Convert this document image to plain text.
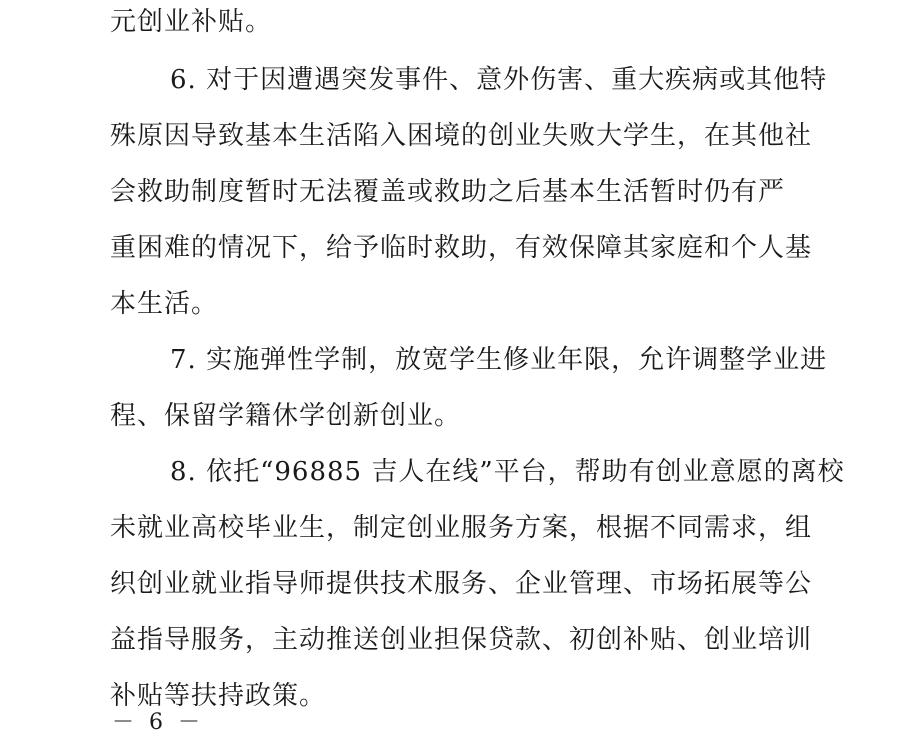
元创业补贴。
6. 对于因遭遇突发事件、意外伤害、重大疾病或其他特
殊原因导致基本生活陷入困境的创业失败大学生，在其他社
会救助制度暂时无法覆盖或救助之后基本生活暂时仍有严
重困难的情况下，给予临时救助，有效保障其家庭和个人基
本生活。
7. 实施弹性学制，放宽学生修业年限，允许调整学业进
程、保留学籍休学创新创业。
8. 依托“96885 吉人在线”平台，帮助有创业意愿的离校
未就业高校毕业生，制定创业服务方案，根据不同需求，组
织创业就业指导师提供技术服务、企业管理、市场拓展等公
益指导服务，主动推送创业担保贷款、初创补贴、创业培训
补贴等扶持政策。
－ 6 －
